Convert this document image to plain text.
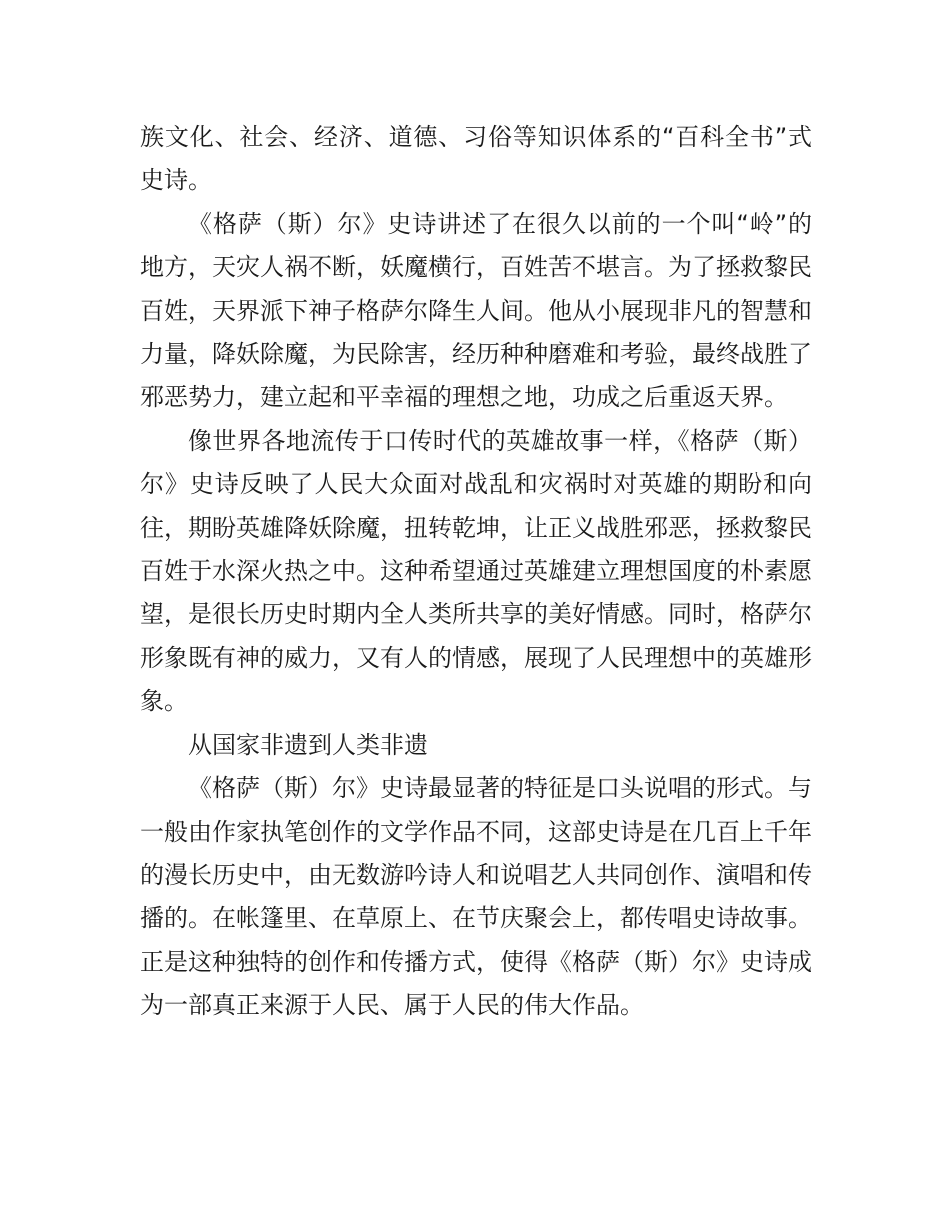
族文化、社会、经济、道德、习俗等知识体系的“百科全书”式史诗。

《格萨（斯）尔》史诗讲述了在很久以前的一个叫“岭”的地方，天灾人祸不断，妖魔横行，百姓苦不堪言。为了拯救黎民百姓，天界派下神子格萨尔降生人间。他从小展现非凡的智慧和力量，降妖除魔，为民除害，经历种种磨难和考验，最终战胜了邪恶势力，建立起和平幸福的理想之地，功成之后重返天界。

像世界各地流传于口传时代的英雄故事一样，《格萨（斯）尔》史诗反映了人民大众面对战乱和灾祸时对英雄的期盼和向往，期盼英雄降妖除魔，扭转乾坤，让正义战胜邪恶，拯救黎民百姓于水深火热之中。这种希望通过英雄建立理想国度的朴素愿望，是很长历史时期内全人类所共享的美好情感。同时，格萨尔形象既有神的威力，又有人的情感，展现了人民理想中的英雄形象。

从国家非遗到人类非遗

《格萨（斯）尔》史诗最显著的特征是口头说唱的形式。与一般由作家执笔创作的文学作品不同，这部史诗是在几百上千年的漫长历史中，由无数游吟诗人和说唱艺人共同创作、演唱和传播的。在帐篷里、在草原上、在节庆聚会上，都传唱史诗故事。正是这种独特的创作和传播方式，使得《格萨（斯）尔》史诗成为一部真正来源于人民、属于人民的伟大作品。
